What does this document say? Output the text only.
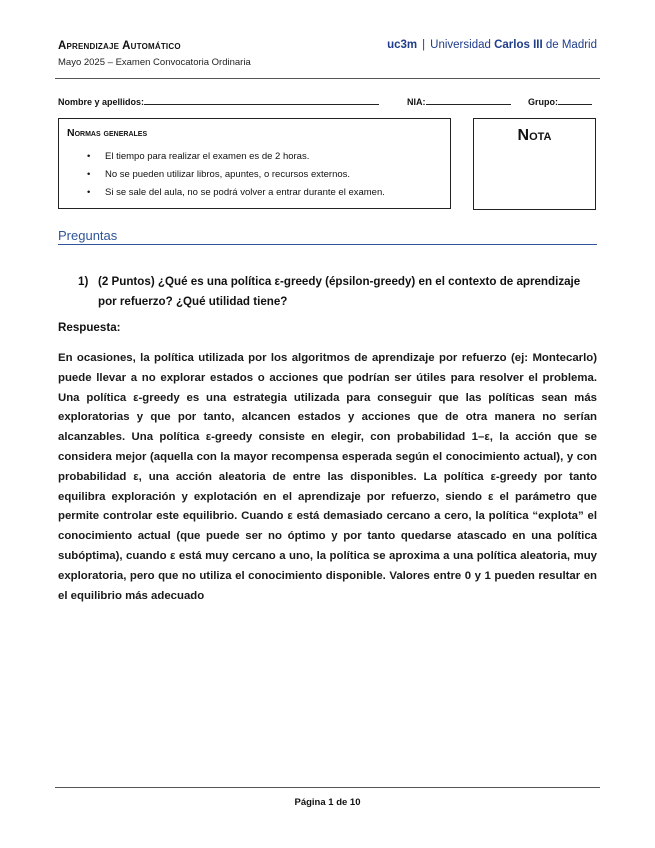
Aprendizaje Automático
Mayo 2025 – Examen Convocatoria Ordinaria
uc3m | Universidad Carlos III de Madrid
Nombre y apellidos:	NIA:	Grupo:
Normas generales
• El tiempo para realizar el examen es de 2 horas.
• No se pueden utilizar libros, apuntes, o recursos externos.
• Si se sale del aula, no se podrá volver a entrar durante el examen.
Nota
Preguntas
1) (2 Puntos) ¿Qué es una política ε-greedy (épsilon-greedy) en el contexto de aprendizaje por refuerzo? ¿Qué utilidad tiene?
Respuesta:
En ocasiones, la política utilizada por los algoritmos de aprendizaje por refuerzo (ej: Montecarlo) puede llevar a no explorar estados o acciones que podrían ser útiles para resolver el problema. Una política ε-greedy es una estrategia utilizada para conseguir que las políticas sean más exploratorias y que por tanto, alcancen estados y acciones que de otra manera no serían alcanzables. Una política ε-greedy consiste en elegir, con probabilidad 1–ε, la acción que se considera mejor (aquella con la mayor recompensa esperada según el conocimiento actual), y con probabilidad ε, una acción aleatoria de entre las disponibles. La política ε-greedy por tanto equilibra exploración y explotación en el aprendizaje por refuerzo, siendo ε el parámetro que permite controlar este equilibrio. Cuando ε está demasiado cercano a cero, la política “explota” el conocimiento actual (que puede ser no óptimo y por tanto quedarse atascado en una política subóptima), cuando ε está muy cercano a uno, la política se aproxima a una política aleatoria, muy exploratoria, pero que no utiliza el conocimiento disponible. Valores entre 0 y 1 pueden resultar en el equilibrio más adecuado
Página 1 de 10
